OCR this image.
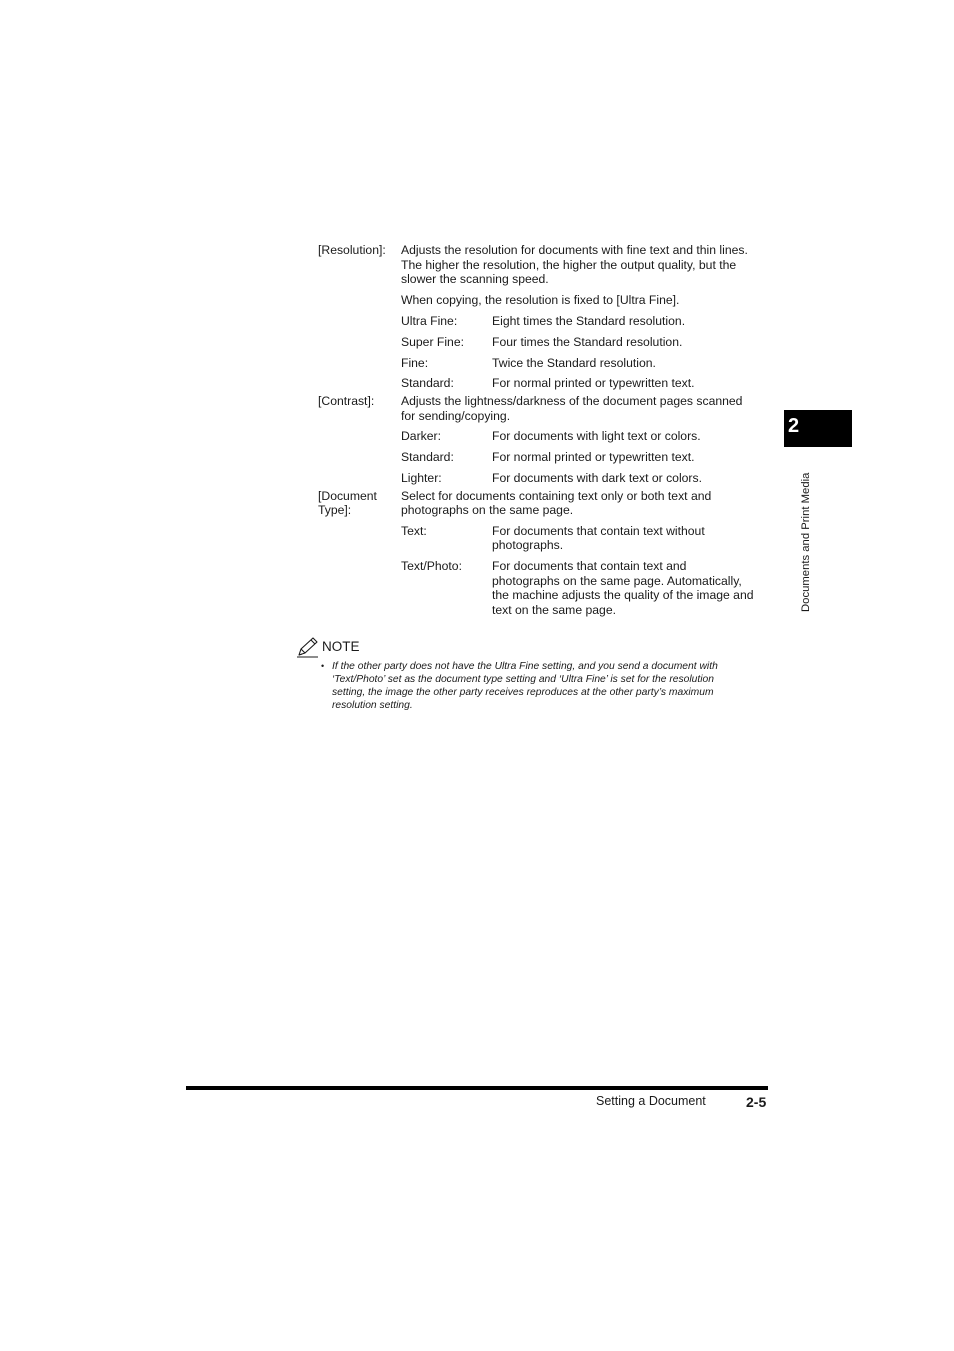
2
Documents and Print Media
[Resolution]: Adjusts the resolution for documents with fine text and thin lines.
The higher the resolution, the higher the output quality, but the
slower the scanning speed.
When copying, the resolution is fixed to [Ultra Fine].
Ultra Fine:	Eight times the Standard resolution.
Super Fine: Four times the Standard resolution.
Fine:	Twice the Standard resolution.
Standard:	For normal printed or typewritten text.
[Contrast]: Adjusts the lightness/darkness of the document pages scanned
for sending/copying.
Darker:	For documents with light text or colors.
Standard:	For normal printed or typewritten text.
Lighter:	For documents with dark text or colors.
[Document
Type]:
Select for documents containing text only or both text and
photographs on the same page.
Text:	For documents that contain text without
photographs.
Text/Photo: For documents that contain text and
photographs on the same page. Automatically,
the machine adjusts the quality of the image and
text on the same page.
NOTE
• If the other party does not have the Ultra Fine setting, and you send a document with
‘Text/Photo’ set as the document type setting and ‘Ultra Fine’ is set for the resolution
setting, the image the other party receives reproduces at the other party’s maximum
resolution setting.
Setting a Document	2-5
